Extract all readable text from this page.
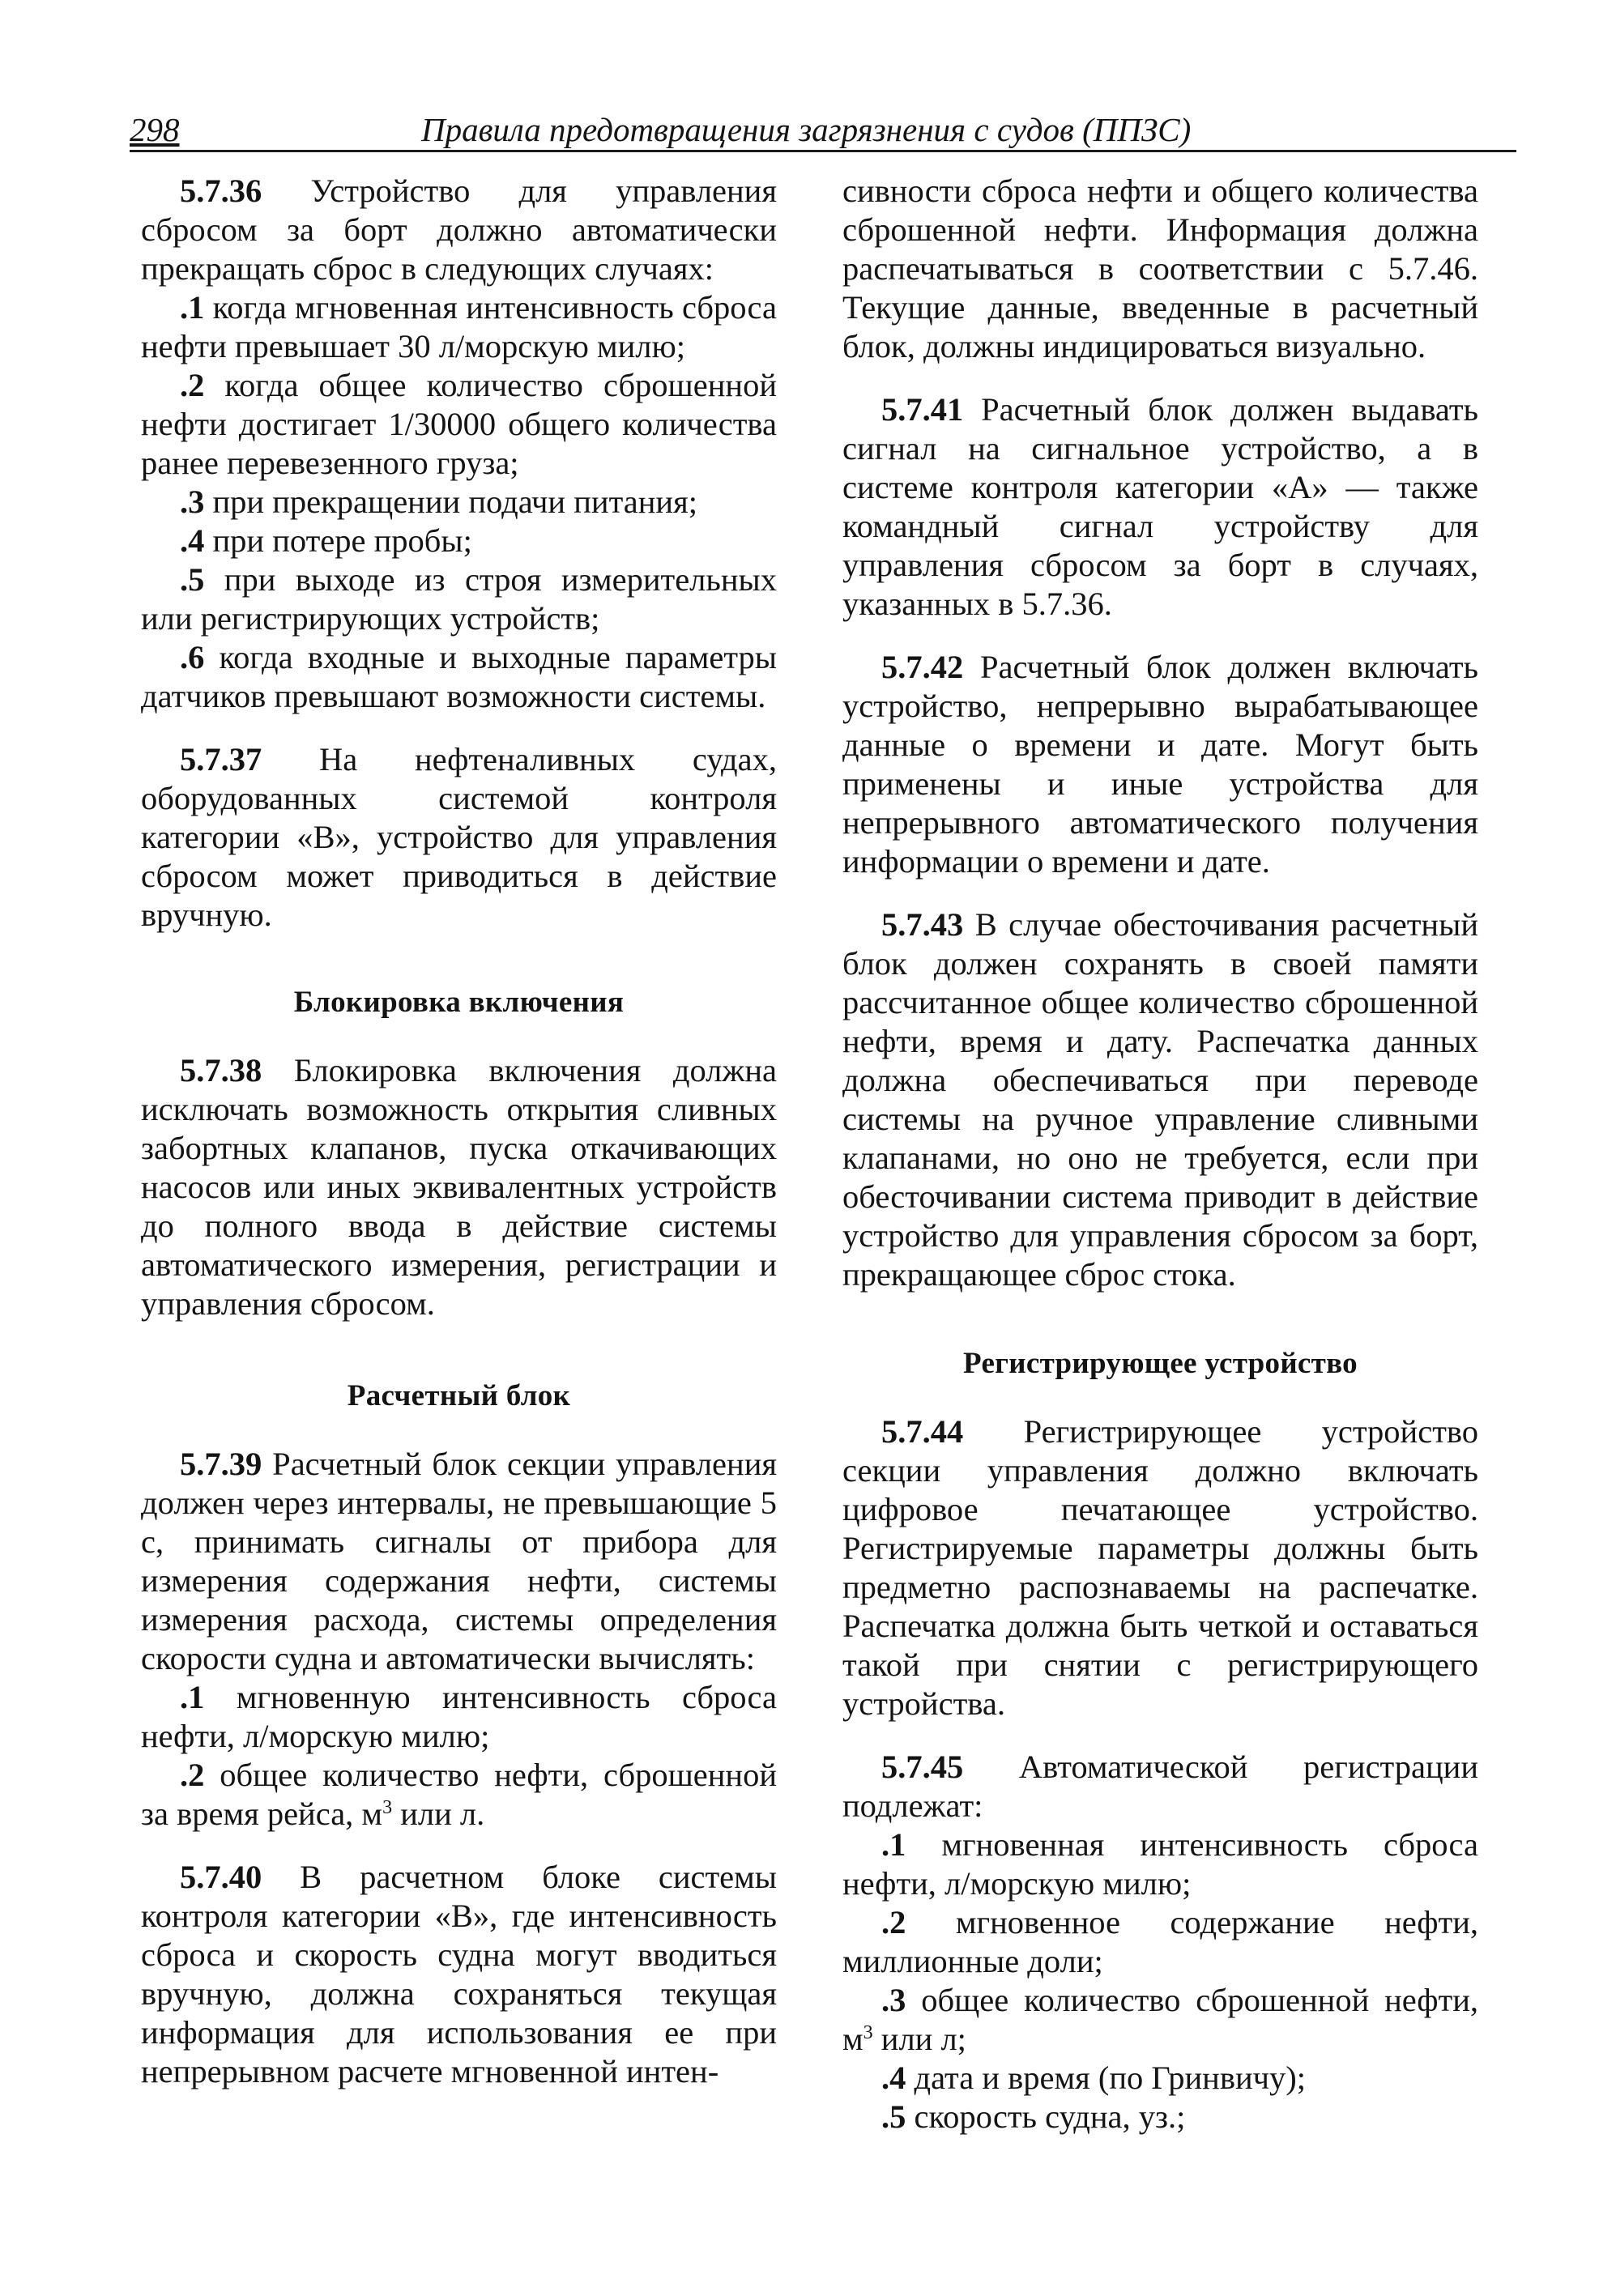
298	Правила предотвращения загрязнения с судов (ППЗС)

5.7.36 Устройство для управления сбросом за борт должно автоматически прекращать сброс в следующих случаях:

.1 когда мгновенная интенсивность сброса нефти превышает 30 л/морскую милю;

.2 когда общее количество сброшенной нефти достигает 1/30000 общего количества ранее перевезенного груза;

.3 при прекращении подачи питания;

.4 при потере пробы;

.5 при выходе из строя измерительных или регистрирующих устройств;

.6 когда входные и выходные параметры датчиков превышают возможности системы.

5.7.37 На нефтеналивных судах, оборудованных системой контроля категории «В», устройство для управления сбросом может приводиться в действие вручную.

Блокировка включения

5.7.38 Блокировка включения должна исключать возможность открытия сливных забортных клапанов, пуска откачивающих насосов или иных эквивалентных устройств до полного ввода в действие системы автоматического измерения, регистрации и управления сбросом.

Расчетный блок

5.7.39 Расчетный блок секции управления должен через интервалы, не превышающие 5 с, принимать сигналы от прибора для измерения содержания нефти, системы измерения расхода, системы определения скорости судна и автоматически вычислять:

.1 мгновенную интенсивность сброса нефти, л/морскую милю;

.2 общее количество нефти, сброшенной за время рейса, $м^3$ или л.

5.7.40 В расчетном блоке системы контроля категории «В», где интенсивность сброса и скорость судна могут вводиться вручную, должна сохраняться текущая информация для использования ее при непрерывном расчете мгновенной интен-

сивности сброса нефти и общего количества сброшенной нефти. Информация должна распечатываться в соответствии с 5.7.46. Текущие данные, введенные в расчетный блок, должны индицироваться визуально.

5.7.41 Расчетный блок должен выдавать сигнал на сигнальное устройство, а в системе контроля категории «А» — также командный сигнал устройству для управления сбросом за борт в случаях, указанных в 5.7.36.

5.7.42 Расчетный блок должен включать устройство, непрерывно вырабатывающее данные о времени и дате. Могут быть применены и иные устройства для непрерывного автоматического получения информации о времени и дате.

5.7.43 В случае обесточивания расчетный блок должен сохранять в своей памяти рассчитанное общее количество сброшенной нефти, время и дату. Распечатка данных должна обеспечиваться при переводе системы на ручное управление сливными клапанами, но оно не требуется, если при обесточивании система приводит в действие устройство для управления сбросом за борт, прекращающее сброс стока.

Регистрирующее устройство

5.7.44 Регистрирующее устройство секции управления должно включать цифровое печатающее устройство. Регистрируемые параметры должны быть предметно распознаваемы на распечатке. Распечатка должна быть четкой и оставаться такой при снятии с регистрирующего устройства.

5.7.45 Автоматической регистрации подлежат:

.1 мгновенная интенсивность сброса нефти, л/морскую милю;

.2 мгновенное содержание нефти, миллионные доли;

.3 общее количество сброшенной нефти, $м^3$ или л;

.4 дата и время (по Гринвичу);

.5 скорость судна, уз.;
